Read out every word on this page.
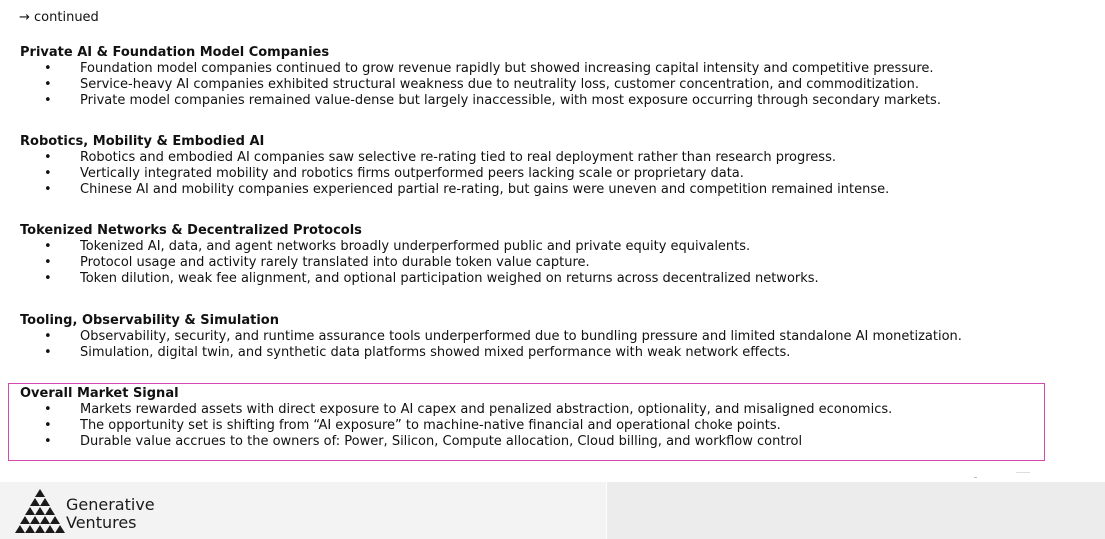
→ continued
Private AI & Foundation Model Companies
• Foundation model companies continued to grow revenue rapidly but showed increasing capital intensity and competitive pressure.
• Service-heavy AI companies exhibited structural weakness due to neutrality loss, customer concentration, and commoditization.
• Private model companies remained value-dense but largely inaccessible, with most exposure occurring through secondary markets.
Robotics, Mobility & Embodied AI
• Robotics and embodied AI companies saw selective re-rating tied to real deployment rather than research progress.
• Vertically integrated mobility and robotics firms outperformed peers lacking scale or proprietary data.
• Chinese AI and mobility companies experienced partial re-rating, but gains were uneven and competition remained intense.
Tokenized Networks & Decentralized Protocols
• Tokenized AI, data, and agent networks broadly underperformed public and private equity equivalents.
• Protocol usage and activity rarely translated into durable token value capture.
• Token dilution, weak fee alignment, and optional participation weighed on returns across decentralized networks.
Tooling, Observability & Simulation
• Observability, security, and runtime assurance tools underperformed due to bundling pressure and limited standalone AI monetization.
• Simulation, digital twin, and synthetic data platforms showed mixed performance with weak network effects.
Overall Market Signal
• Markets rewarded assets with direct exposure to AI capex and penalized abstraction, optionality, and misaligned economics.
• The opportunity set is shifting from “AI exposure” to machine-native financial and operational choke points.
• Durable value accrues to the owners of: Power, Silicon, Compute allocation, Cloud billing, and workflow control
Generative
Ventures
